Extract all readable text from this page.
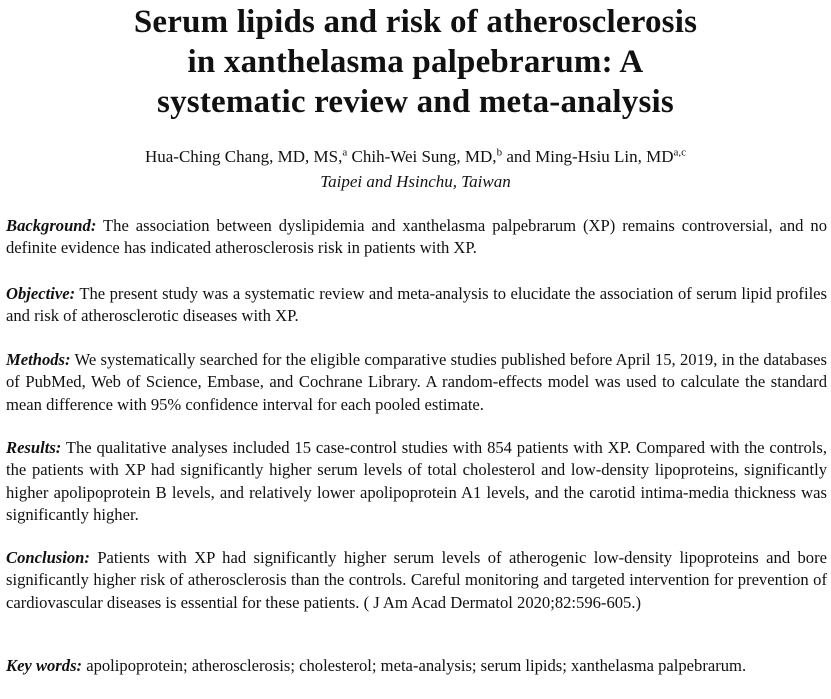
Serum lipids and risk of atherosclerosis
in xanthelasma palpebrarum: A
systematic review and meta-analysis
Hua-Ching Chang, MD, MS,$^a$ Chih-Wei Sung, MD,$^b$ and Ming-Hsiu Lin, MD$^{a,c}$
Taipei and Hsinchu, Taiwan
Background: The association between dyslipidemia and xanthelasma palpebrarum (XP) remains controversial, and no definite evidence has indicated atherosclerosis risk in patients with XP.
Objective: The present study was a systematic review and meta-analysis to elucidate the association of serum lipid profiles and risk of atherosclerotic diseases with XP.
Methods: We systematically searched for the eligible comparative studies published before April 15, 2019, in the databases of PubMed, Web of Science, Embase, and Cochrane Library. A random-effects model was used to calculate the standard mean difference with 95% confidence interval for each pooled estimate.
Results: The qualitative analyses included 15 case-control studies with 854 patients with XP. Compared with the controls, the patients with XP had significantly higher serum levels of total cholesterol and low-density lipoproteins, significantly higher apolipoprotein B levels, and relatively lower apolipoprotein A1 levels, and the carotid intima-media thickness was significantly higher.
Conclusion: Patients with XP had significantly higher serum levels of atherogenic low-density lipoproteins and bore significantly higher risk of atherosclerosis than the controls. Careful monitoring and targeted intervention for prevention of cardiovascular diseases is essential for these patients. ( J Am Acad Dermatol 2020;82:596-605.)
Key words: apolipoprotein; atherosclerosis; cholesterol; meta-analysis; serum lipids; xanthelasma palpebrarum.
